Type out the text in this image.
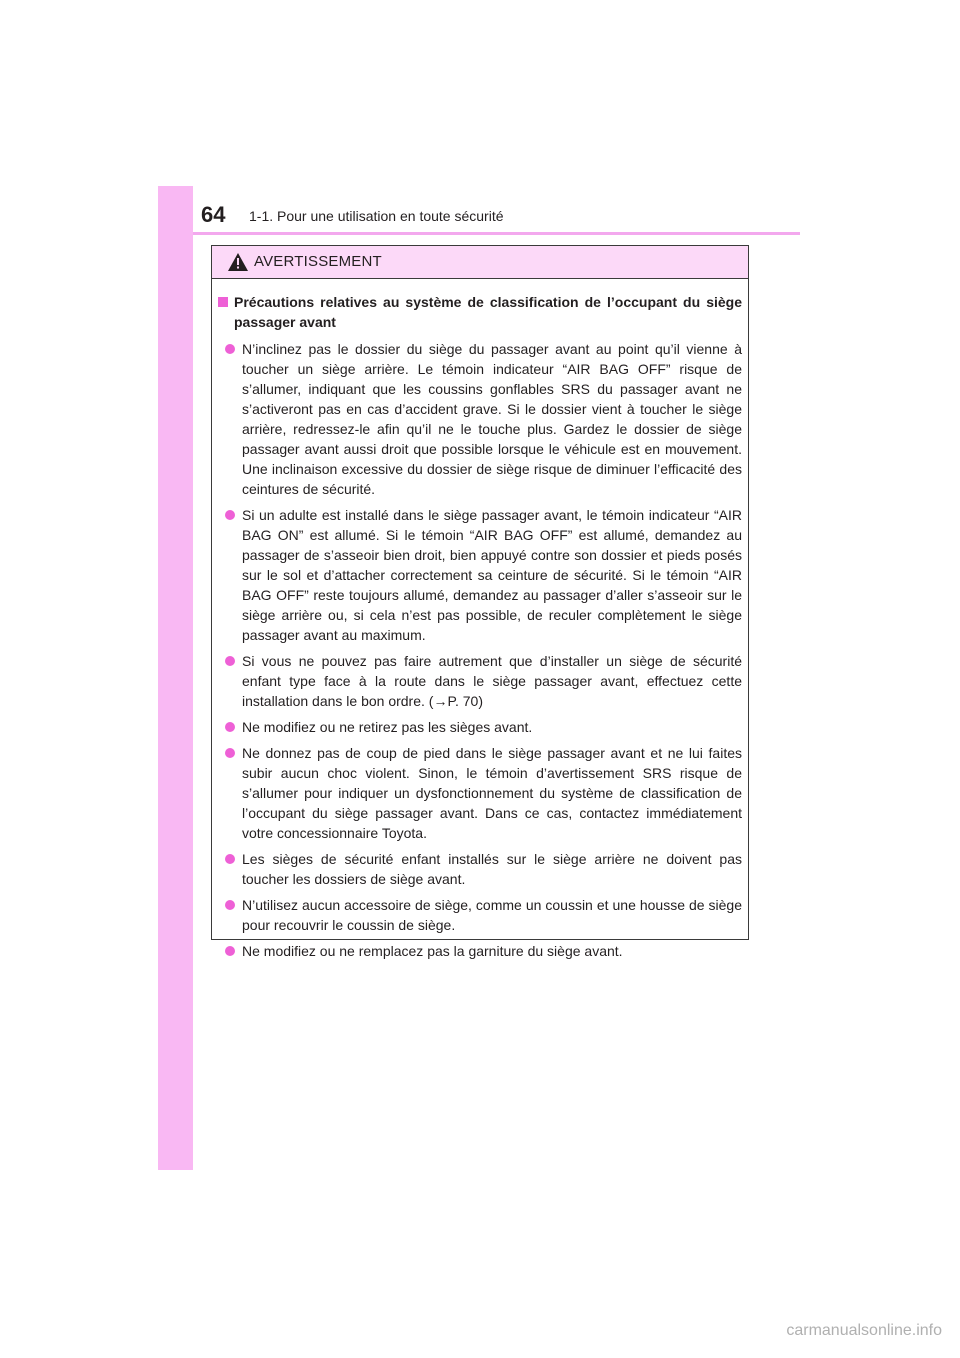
64 1-1. Pour une utilisation en toute sécurité
AVERTISSEMENT
Précautions relatives au système de classification de l’occupant du siège passager avant
N’inclinez pas le dossier du siège du passager avant au point qu’il vienne à toucher un siège arrière. Le témoin indicateur “AIR BAG OFF” risque de s’allumer, indiquant que les coussins gonflables SRS du passager avant ne s’activeront pas en cas d’accident grave. Si le dossier vient à toucher le siège arrière, redressez-le afin qu’il ne le touche plus. Gardez le dossier de siège passager avant aussi droit que possible lorsque le véhicule est en mouvement. Une inclinaison excessive du dossier de siège risque de diminuer l’efficacité des ceintures de sécurité.
Si un adulte est installé dans le siège passager avant, le témoin indicateur “AIR BAG ON” est allumé. Si le témoin “AIR BAG OFF” est allumé, demandez au passager de s’asseoir bien droit, bien appuyé contre son dossier et pieds posés sur le sol et d’attacher correctement sa ceinture de sécurité. Si le témoin “AIR BAG OFF” reste toujours allumé, demandez au passager d’aller s’asseoir sur le siège arrière ou, si cela n’est pas possible, de reculer complètement le siège passager avant au maximum.
Si vous ne pouvez pas faire autrement que d’installer un siège de sécurité enfant type face à la route dans le siège passager avant, effectuez cette installation dans le bon ordre. (→P. 70)
Ne modifiez ou ne retirez pas les sièges avant.
Ne donnez pas de coup de pied dans le siège passager avant et ne lui faites subir aucun choc violent. Sinon, le témoin d’avertissement SRS risque de s’allumer pour indiquer un dysfonctionnement du système de classification de l’occupant du siège passager avant. Dans ce cas, contactez immédiatement votre concessionnaire Toyota.
Les sièges de sécurité enfant installés sur le siège arrière ne doivent pas toucher les dossiers de siège avant.
N’utilisez aucun accessoire de siège, comme un coussin et une housse de siège pour recouvrir le coussin de siège.
Ne modifiez ou ne remplacez pas la garniture du siège avant.
carmanualsonline.info
